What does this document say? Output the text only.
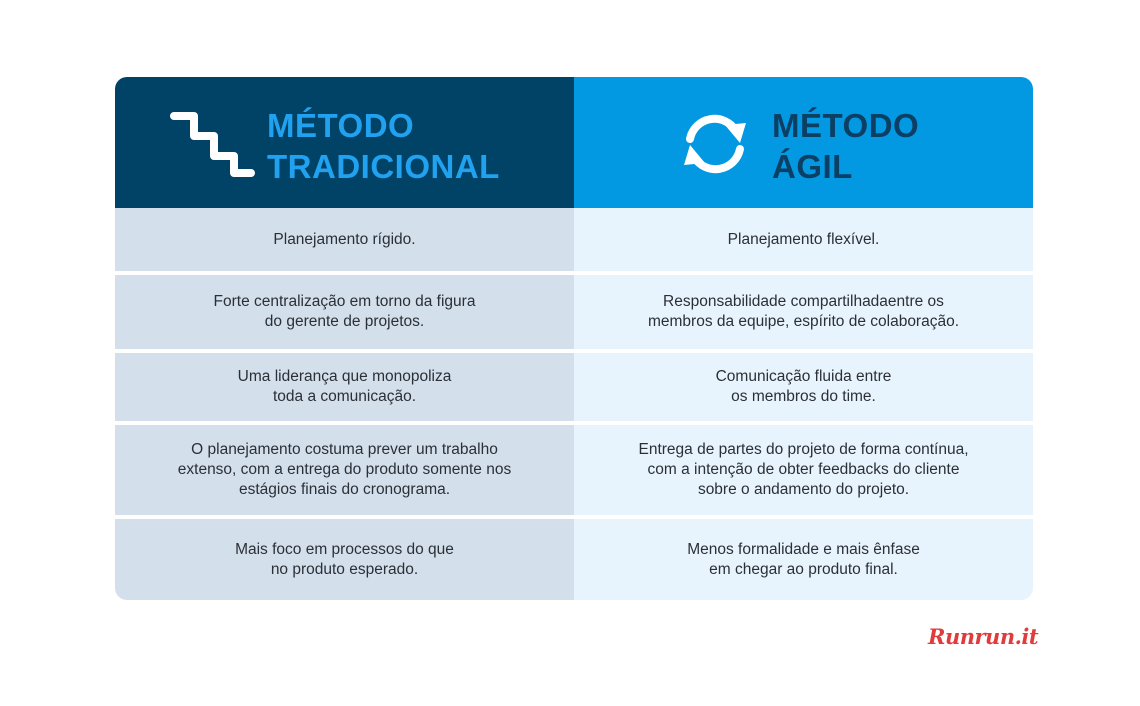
MÉTODO
TRADICIONAL
MÉTODO
ÁGIL
Planejamento rígido.	Planejamento flexível.
Forte centralização em torno da figura
do gerente de projetos.
Responsabilidade compartilhadaentre os
membros da equipe, espírito de colaboração.
Uma liderança que monopoliza
toda a comunicação.
Comunicação fluida entre
os membros do time.
O planejamento costuma prever um trabalho
extenso, com a entrega do produto somente nos
estágios finais do cronograma.
Entrega de partes do projeto de forma contínua,
com a intenção de obter feedbacks do cliente
sobre o andamento do projeto.
Mais foco em processos do que
no produto esperado.
Menos formalidade e mais ênfase
em chegar ao produto final.
Runrun.it
